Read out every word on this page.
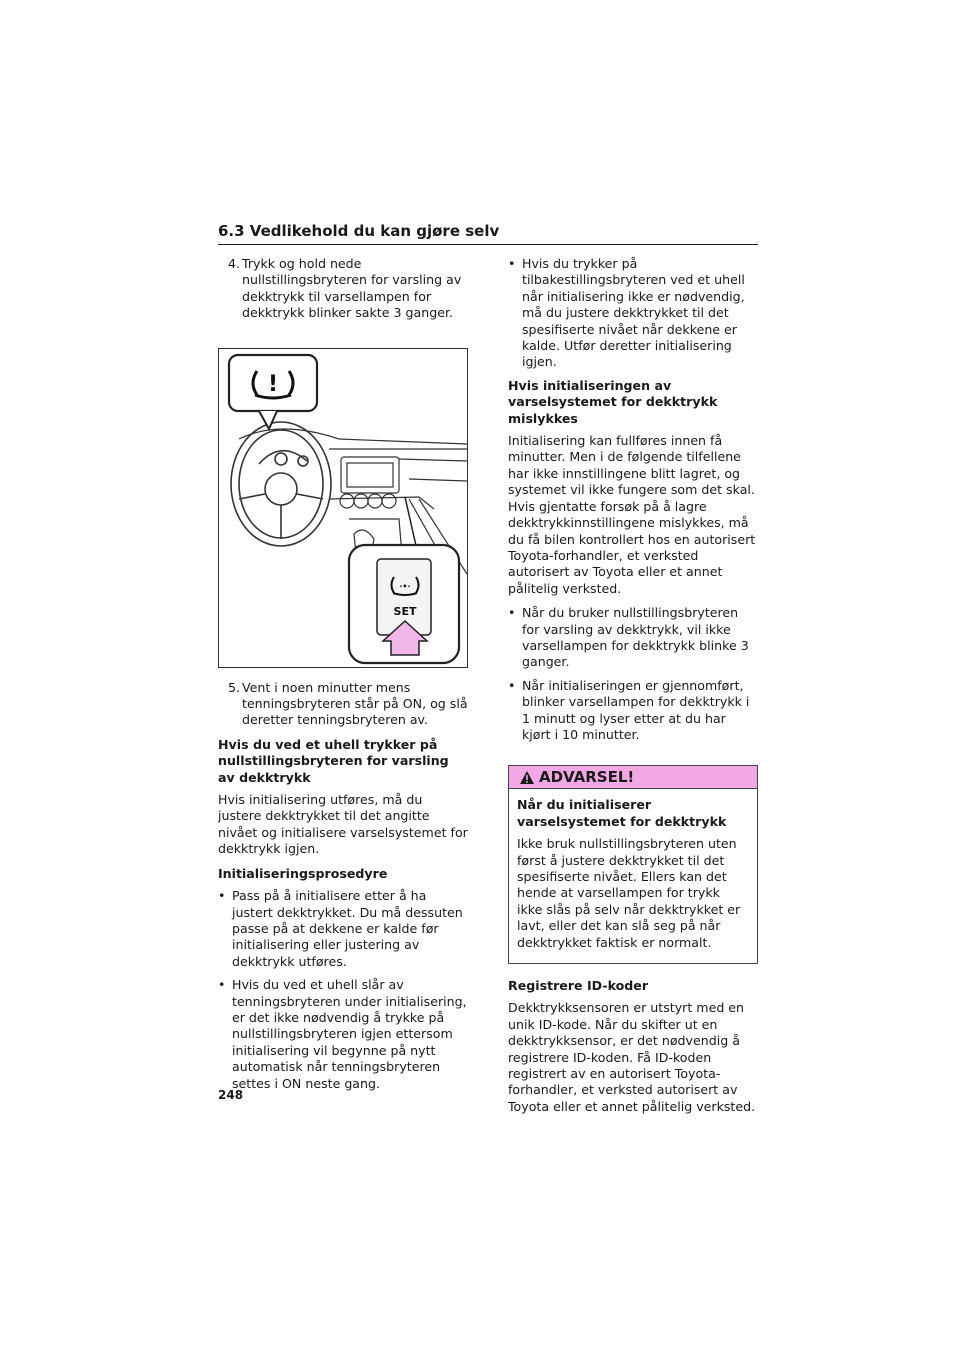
6.3 Vedlikehold du kan gjøre selv
4. Trykk og hold nede nullstillingsbryteren for varsling av dekktrykk til varsellampen for dekktrykk blinker sakte 3 ganger.
!
·•·
SET
5. Vent i noen minutter mens tenningsbryteren står på ON, og slå deretter tenningsbryteren av.

Hvis du ved et uhell trykker på nullstillingsbryteren for varsling av dekktrykk

Hvis initialisering utføres, må du justere dekktrykket til det angitte nivået og initialisere varselsystemet for dekktrykk igjen.

Initialiseringsprosedyre

• Pass på å initialisere etter å ha justert dekktrykket. Du må dessuten passe på at dekkene er kalde før initialisering eller justering av dekktrykk utføres.
• Hvis du ved et uhell slår av tenningsbryteren under initialisering, er det ikke nødvendig å trykke på nullstillingsbryteren igjen ettersom initialisering vil begynne på nytt automatisk når tenningsbryteren settes i ON neste gang.
• Hvis du trykker på tilbakestillingsbryteren ved et uhell når initialisering ikke er nødvendig, må du justere dekktrykket til det spesifiserte nivået når dekkene er kalde. Utfør deretter initialisering igjen.

Hvis initialiseringen av varselsystemet for dekktrykk mislykkes

Initialisering kan fullføres innen få minutter. Men i de følgende tilfellene har ikke innstillingene blitt lagret, og systemet vil ikke fungere som det skal. Hvis gjentatte forsøk på å lagre dekktrykkinnstillingene mislykkes, må du få bilen kontrollert hos en autorisert Toyota-forhandler, et verksted autorisert av Toyota eller et annet pålitelig verksted.

• Når du bruker nullstillingsbryteren for varsling av dekktrykk, vil ikke varsellampen for dekktrykk blinke 3 ganger.
• Når initialiseringen er gjennomført, blinker varsellampen for dekktrykk i 1 minutt og lyser etter at du har kjørt i 10 minutter.
ADVARSEL!

Når du initialiserer varselsystemet for dekktrykk

Ikke bruk nullstillingsbryteren uten først å justere dekktrykket til det spesifiserte nivået. Ellers kan det hende at varsellampen for trykk ikke slås på selv når dekktrykket er lavt, eller det kan slå seg på når dekktrykket faktisk er normalt.

Registrere ID-koder

Dekktrykksensoren er utstyrt med en unik ID-kode. Når du skifter ut en dekktrykksensor, er det nødvendig å registrere ID-koden. Få ID-koden registrert av en autorisert Toyota-forhandler, et verksted autorisert av Toyota eller et annet pålitelig verksted.

248
